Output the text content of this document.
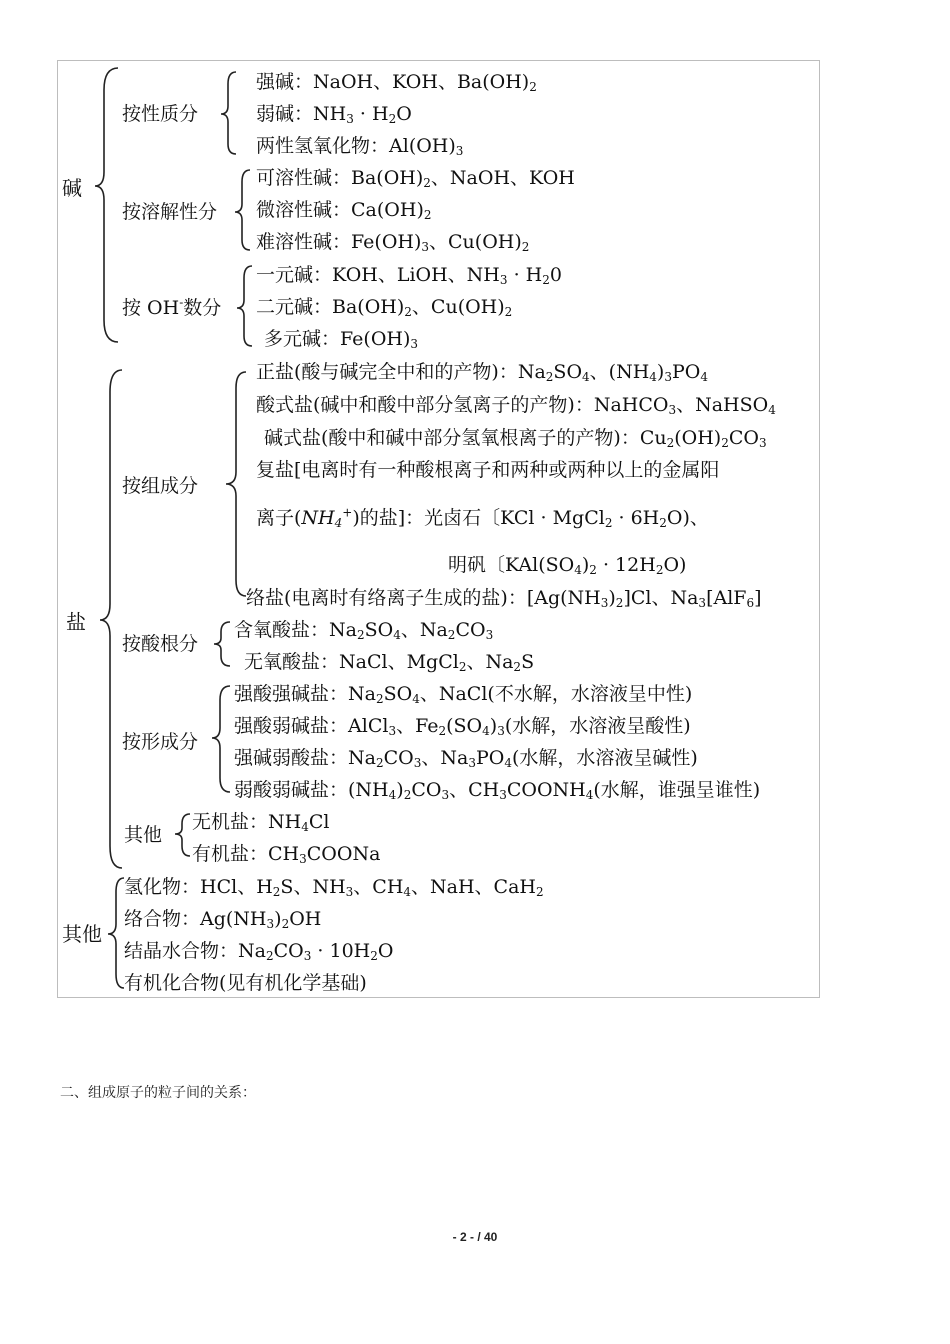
碱
按性质分
强碱：NaOH、KOH、$Ba(OH)_2$
弱碱：$NH_3 \cdot H_2O$
两性氢氧化物：$Al(OH)_3$
按溶解性分
可溶性碱：$Ba(OH)_2$、NaOH、KOH
微溶性碱：$Ca(OH)_2$
难溶性碱：$Fe(OH)_3$、$Cu(OH)_2$
按 OH-数分
一元碱：KOH、LiOH、$NH_3 \cdot H_20$
二元碱：$Ba(OH)_2$、$Cu(OH)_2$
多元碱：$Fe(OH)_3$
盐
按组成分
正盐(酸与碱完全中和的产物)：$Na_2SO_4$、$(NH_4)_3PO_4$
酸式盐(碱中和酸中部分氢离子的产物)：NaHCO$_3$、NaHSO$_4$
碱式盐(酸中和碱中部分氢氧根离子的产物)：$Cu_2(OH)_2CO_3$
复盐[电离时有一种酸根离子和两种或两种以上的金属阳
离子$(NH_4^+)$的盐]：光卤石〔KCl · MgCl$_2$ · $6H_2O$)、
明矾〔$KAl(SO_4)_2 \cdot 12H_2O$)
络盐(电离时有络离子生成的盐)：$[Ag(NH_3)_2]Cl$、$Na_3[AlF_6]$
按酸根分
含氧酸盐：$Na_2SO_4$、$Na_2CO_3$
无氧酸盐：NaCl、MgCl$_2$、$Na_2S$
按形成分
强酸强碱盐：$Na_2SO_4$、NaCl(不水解，水溶液呈中性)
强酸弱碱盐：AlCl$_3$、$Fe_2(SO_4)_3$(水解，水溶液呈酸性)
强碱弱酸盐：$Na_2CO_3$、$Na_3PO_4$(水解，水溶液呈碱性)
弱酸弱碱盐：$(NH_4)_2CO_3$、$CH_3COONH_4$(水解，谁强呈谁性)
其他
无机盐：$NH_4Cl$
有机盐：$CH_3COONa$
其他
氢化物：HCl、$H_2S$、$NH_3$、$CH_4$、NaH、CaH$_2$
络合物：$Ag(NH_3)_2OH$
结晶水合物：$Na_2CO_3 \cdot 10H_2O$
有机化合物(见有机化学基础)
二、组成原子的粒子间的关系：
- 2 - / 40
